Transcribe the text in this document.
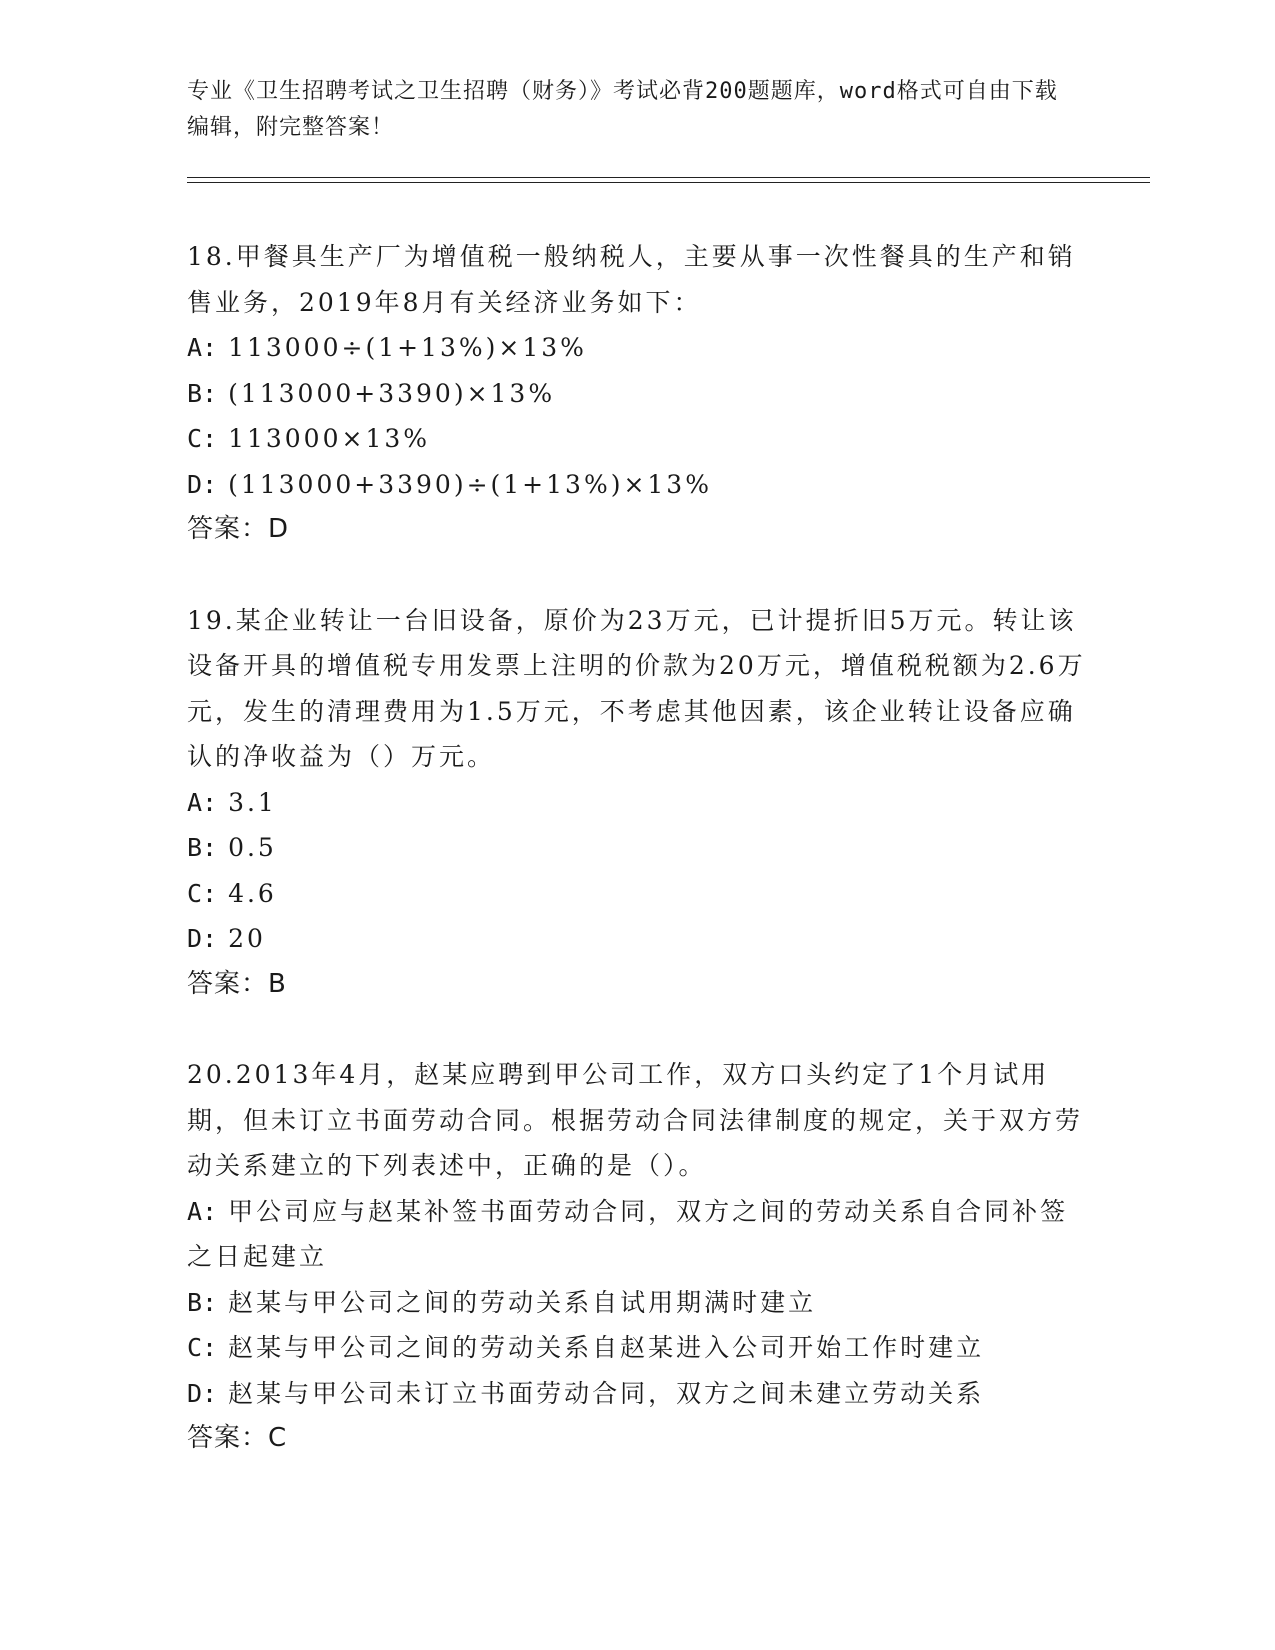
专业《卫生招聘考试之卫生招聘（财务）》考试必背200题题库，word格式可自由下载编辑，附完整答案！

18.甲餐具生产厂为增值税一般纳税人，主要从事一次性餐具的生产和销售业务，2019年8月有关经济业务如下：

A: 113000÷(1+13%)×13%

B: (113000+3390)×13%

C: 113000×13%

D: (113000+3390)÷(1+13%)×13%

答案：D

19.某企业转让一台旧设备，原价为23万元，已计提折旧5万元。转让该设备开具的增值税专用发票上注明的价款为20万元，增值税税额为2.6万元，发生的清理费用为1.5万元，不考虑其他因素，该企业转让设备应确认的净收益为（）万元。

A: 3.1

B: 0.5

C: 4.6

D: 20

答案：B

20.2013年4月，赵某应聘到甲公司工作，双方口头约定了1个月试用期，但未订立书面劳动合同。根据劳动合同法律制度的规定，关于双方劳动关系建立的下列表述中，正确的是（）。

A: 甲公司应与赵某补签书面劳动合同，双方之间的劳动关系自合同补签之日起建立

B: 赵某与甲公司之间的劳动关系自试用期满时建立

C: 赵某与甲公司之间的劳动关系自赵某进入公司开始工作时建立

D: 赵某与甲公司未订立书面劳动合同，双方之间未建立劳动关系

答案：C
